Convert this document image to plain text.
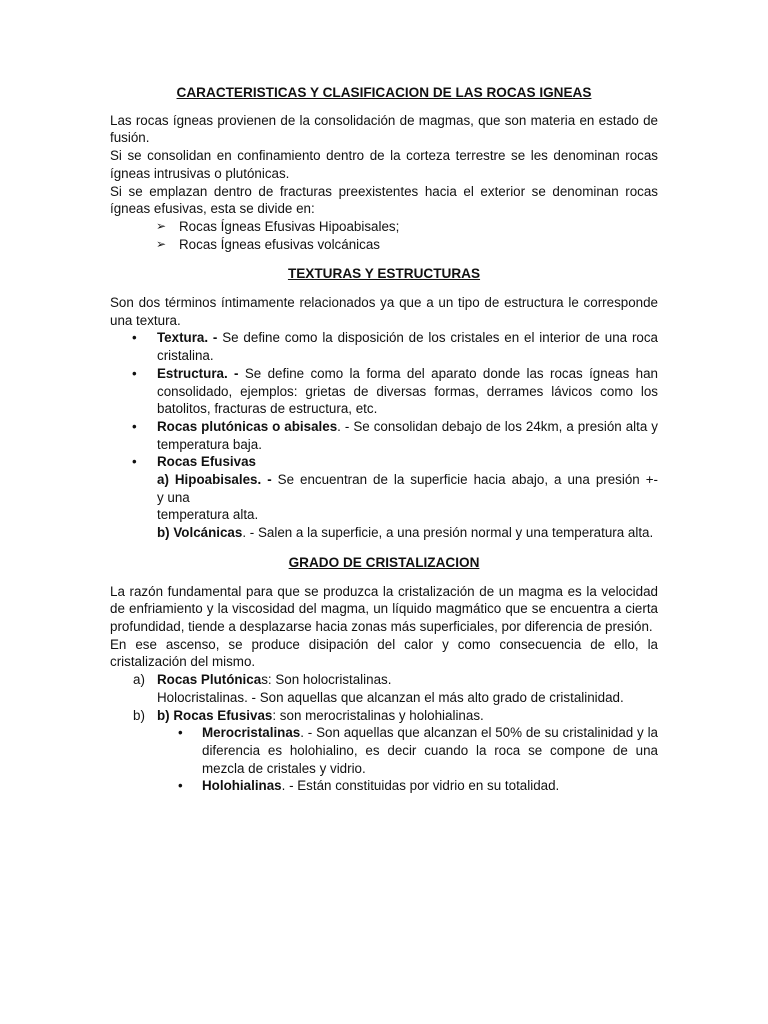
CARACTERISTICAS Y CLASIFICACION DE LAS ROCAS IGNEAS

Las rocas ígneas provienen de la consolidación de magmas, que son materia en estado de fusión.

Si se consolidan en confinamiento dentro de la corteza terrestre se les denominan rocas ígneas intrusivas o plutónicas.

Si se emplazan dentro de fracturas preexistentes hacia el exterior se denominan rocas ígneas efusivas, esta se divide en:

➢ Rocas Ígneas Efusivas Hipoabisales;
➢ Rocas Ígneas efusivas volcánicas
TEXTURAS Y ESTRUCTURAS

Son dos términos íntimamente relacionados ya que a un tipo de estructura le corresponde una textura.

• Textura. - Se define como la disposición de los cristales en el interior de una roca cristalina.
• Estructura. - Se define como la forma del aparato donde las rocas ígneas han consolidado, ejemplos: grietas de diversas formas, derrames lávicos como los batolitos, fracturas de estructura, etc.
• Rocas plutónicas o abisales. - Se consolidan debajo de los 24km, a presión alta y temperatura baja.
• Rocas Efusivas
a) Hipoabisales. - Se encuentran de la superficie hacia abajo, a una presión +-
y una
temperatura alta.
b) Volcánicas. - Salen a la superficie, a una presión normal y una temperatura alta.
GRADO DE CRISTALIZACION

La razón fundamental para que se produzca la cristalización de un magma es la velocidad de enfriamiento y la viscosidad del magma, un líquido magmático que se encuentra a cierta profundidad, tiende a desplazarse hacia zonas más superficiales, por diferencia de presión.

En ese ascenso, se produce disipación del calor y como consecuencia de ello, la cristalización del mismo.

a) Rocas Plutónicas: Son holocristalinas.
Holocristalinas. - Son aquellas que alcanzan el más alto grado de cristalinidad.
b) b) Rocas Efusivas: son merocristalinas y holohialinas.
• Merocristalinas. - Son aquellas que alcanzan el 50% de su cristalinidad y la diferencia es holohialino, es decir cuando la roca se compone de una mezcla de cristales y vidrio.
• Holohialinas. - Están constituidas por vidrio en su totalidad.
